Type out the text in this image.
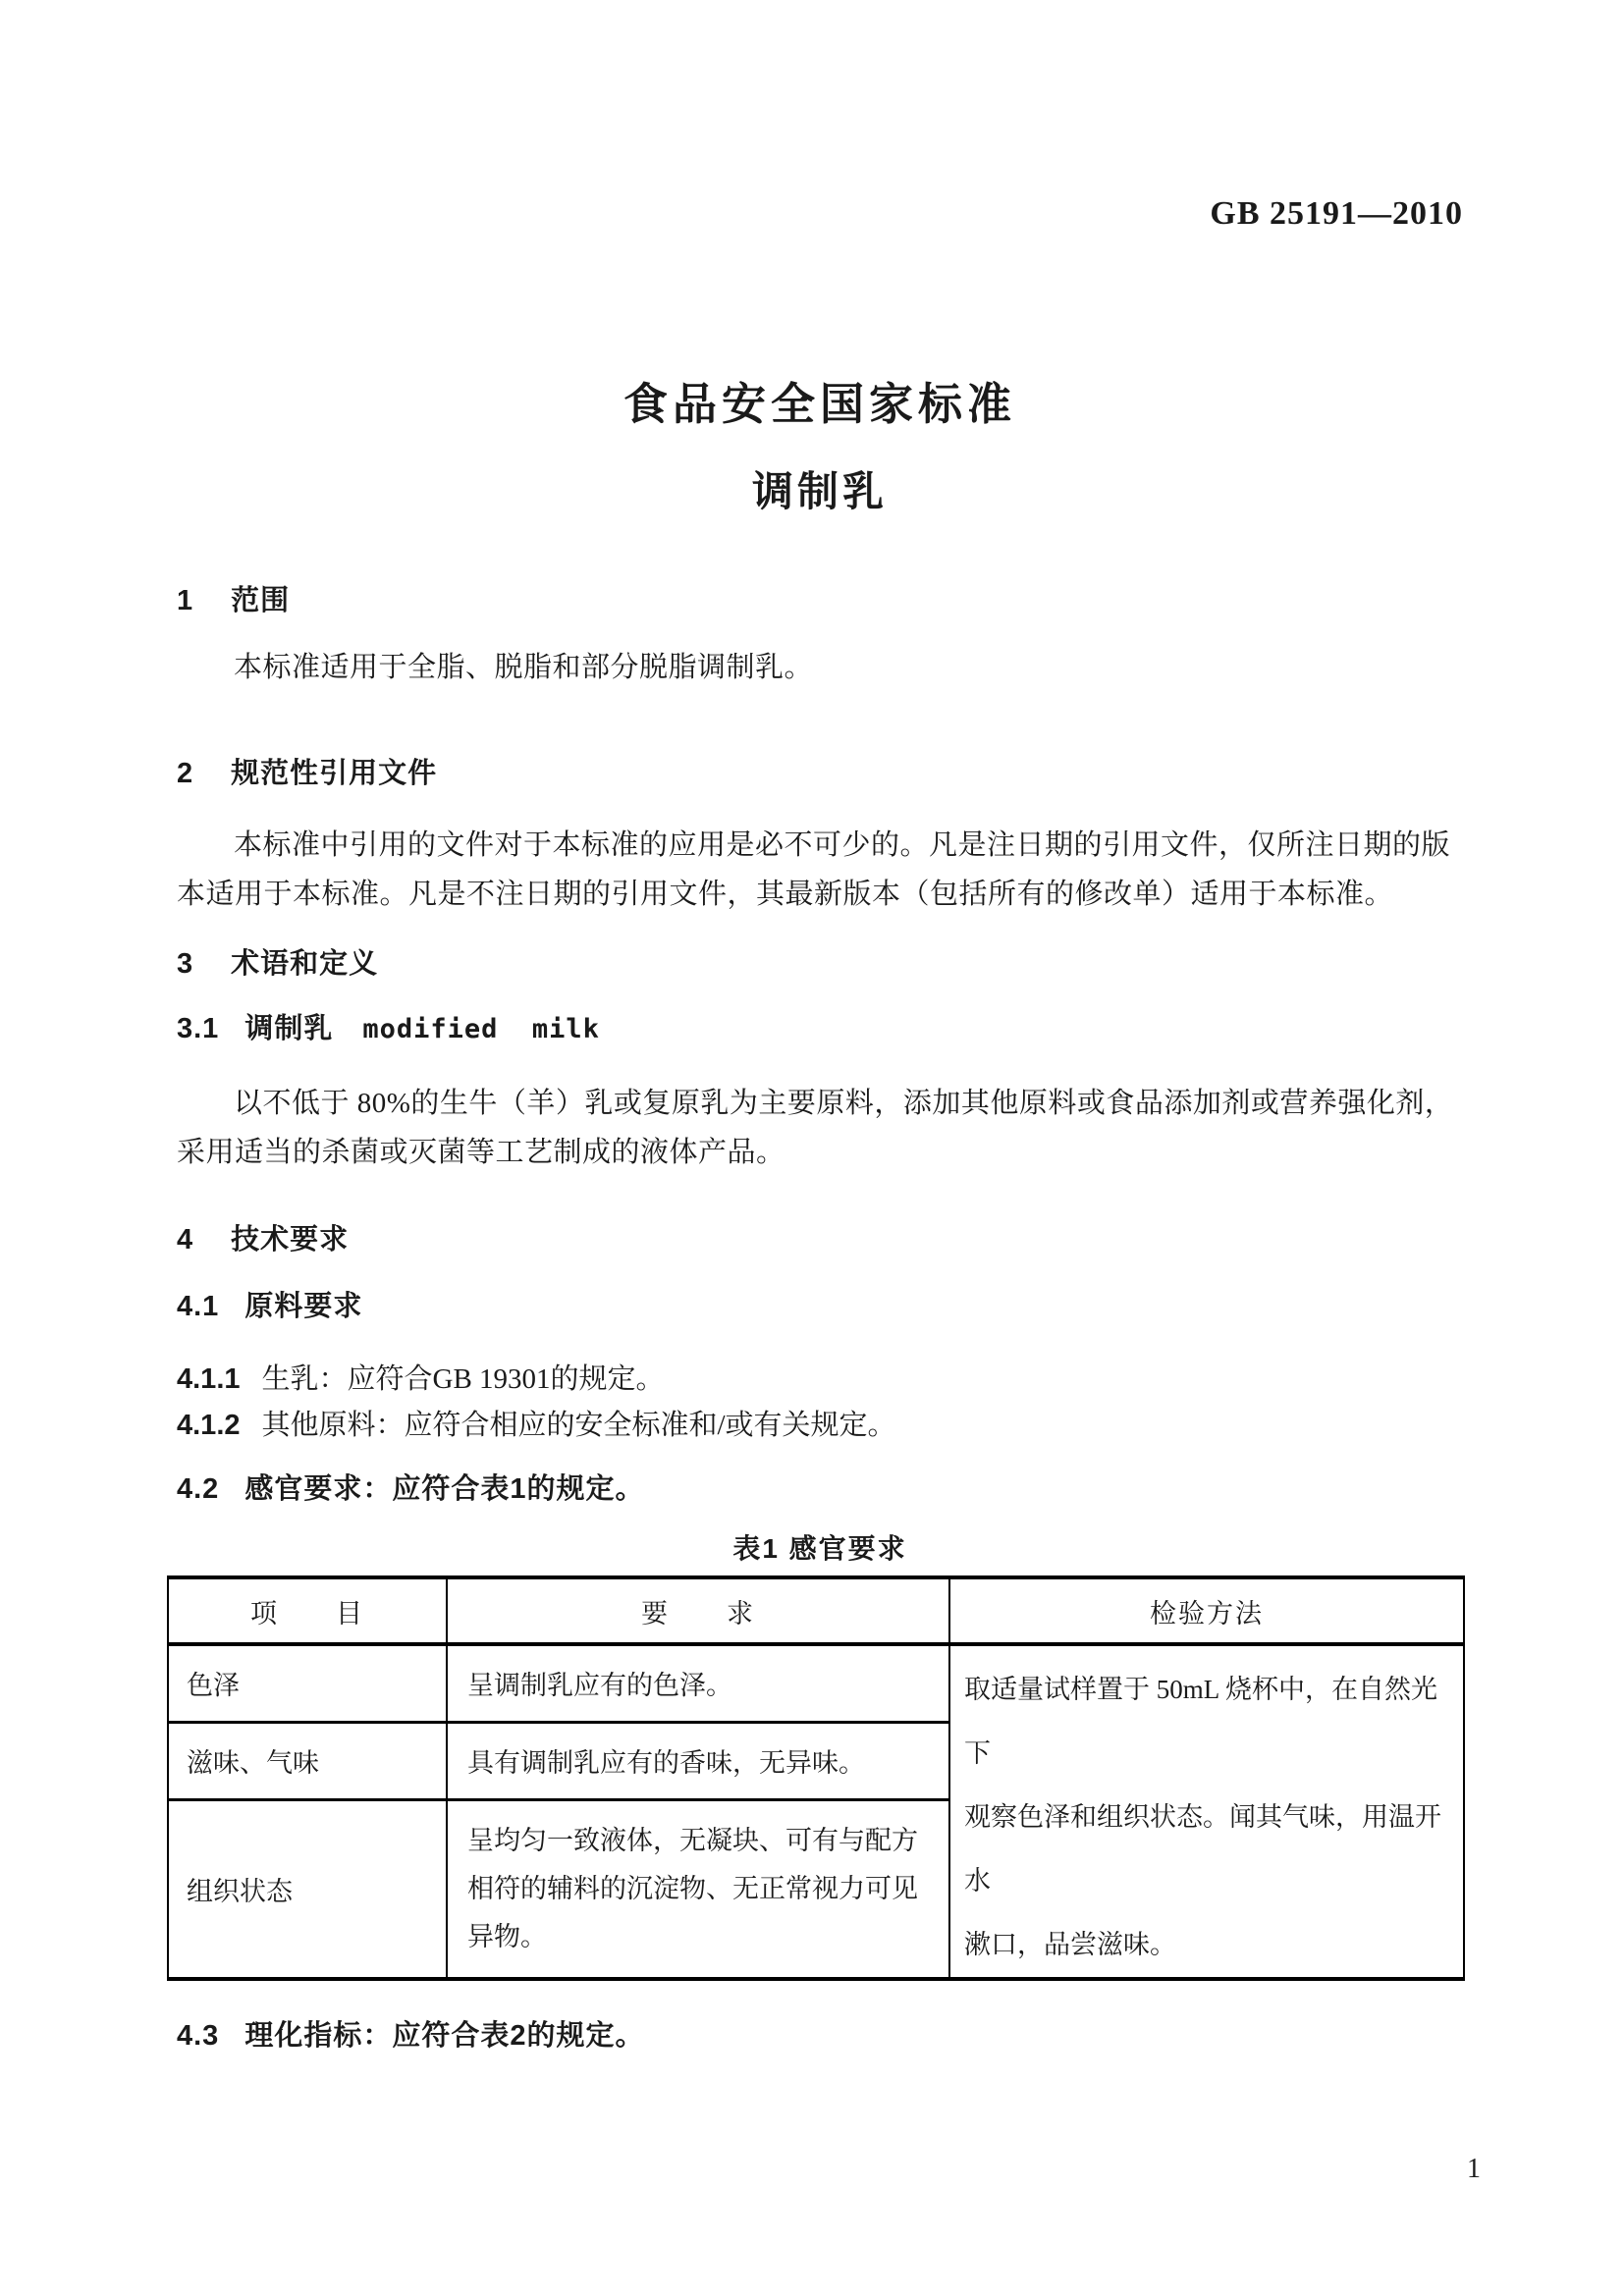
GB 25191—2010
食品安全国家标准
调制乳
1 范围
本标准适用于全脂、脱脂和部分脱脂调制乳。
2 规范性引用文件
本标准中引用的文件对于本标准的应用是必不可少的。凡是注日期的引用文件，仅所注日期的版
本适用于本标准。凡是不注日期的引用文件，其最新版本（包括所有的修改单）适用于本标准。
3 术语和定义
3.1 调制乳 modified  milk
以不低于 80%的生牛（羊）乳或复原乳为主要原料，添加其他原料或食品添加剂或营养强化剂，
采用适当的杀菌或灭菌等工艺制成的液体产品。
4 技术要求
4.1 原料要求
4.1.1 生乳：应符合GB 19301的规定。
4.1.2 其他原料：应符合相应的安全标准和/或有关规定。
4.2 感官要求：应符合表1的规定。
表1 感官要求
项　　目	要　　求	检验方法
色泽	呈调制乳应有的色泽。	取适量试样置于 50mL 烧杯中，在自然光下
观察色泽和组织状态。闻其气味，用温开水
漱口，品尝滋味。

滋味、气味	具有调制乳应有的香味，无异味。	
组织状态	呈均匀一致液体，无凝块、可有与配方
相符的辅料的沉淀物、无正常视力可见
异物。	
4.3 理化指标：应符合表2的规定。
1
